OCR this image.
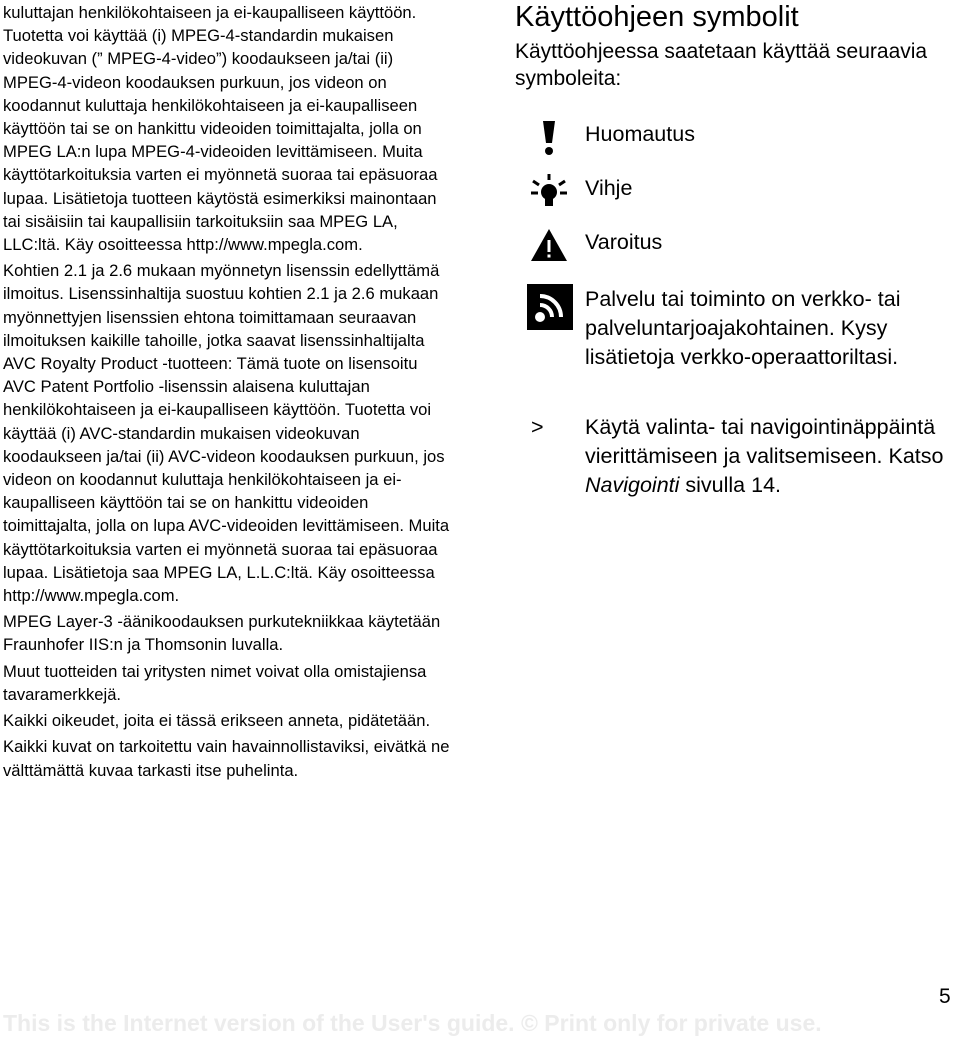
kuluttajan henkilökohtaiseen ja ei-kaupalliseen käyttöön. Tuotetta voi käyttää (i) MPEG-4-standardin mukaisen videokuvan (” MPEG-4-video”) koodaukseen ja/tai (ii) MPEG-4-videon koodauksen purkuun, jos videon on koodannut kuluttaja henkilökohtaiseen ja ei-kaupalliseen käyttöön tai se on hankittu videoiden toimittajalta, jolla on MPEG LA:n lupa MPEG-4-videoiden levittämiseen. Muita käyttötarkoituksia varten ei myönnetä suoraa tai epäsuoraa lupaa. Lisätietoja tuotteen käytöstä esimerkiksi mainontaan tai sisäisiin tai kaupallisiin tarkoituksiin saa MPEG LA, LLC:ltä. Käy osoitteessa http://www.mpegla.com.

Kohtien 2.1 ja 2.6 mukaan myönnetyn lisenssin edellyttämä ilmoitus. Lisenssinhaltija suostuu kohtien 2.1 ja 2.6 mukaan myönnettyjen lisenssien ehtona toimittamaan seuraavan ilmoituksen kaikille tahoille, jotka saavat lisenssinhaltijalta AVC Royalty Product -tuotteen: Tämä tuote on lisensoitu AVC Patent Portfolio -lisenssin alaisena kuluttajan henkilökohtaiseen ja ei-kaupalliseen käyttöön. Tuotetta voi käyttää (i) AVC-standardin mukaisen videokuvan koodaukseen ja/tai (ii) AVC-videon koodauksen purkuun, jos videon on koodannut kuluttaja henkilökohtaiseen ja ei-kaupalliseen käyttöön tai se on hankittu videoiden toimittajalta, jolla on lupa AVC-videoiden levittämiseen. Muita käyttötarkoituksia varten ei myönnetä suoraa tai epäsuoraa lupaa. Lisätietoja saa MPEG LA, L.L.C:ltä. Käy osoitteessa http://www.mpegla.com.

MPEG Layer-3 -äänikoodauksen purkutekniikkaa käytetään Fraunhofer IIS:n ja Thomsonin luvalla.

Muut tuotteiden tai yritysten nimet voivat olla omistajiensa tavaramerkkejä.

Kaikki oikeudet, joita ei tässä erikseen anneta, pidätetään.

Kaikki kuvat on tarkoitettu vain havainnollistaviksi, eivätkä ne välttämättä kuvaa tarkasti itse puhelinta.

Käyttöohjeen symbolit

Käyttöohjeessa saatetaan käyttää seuraavia symboleita:

Huomautus
Vihje
Varoitus
Palvelu tai toiminto on verkko- tai palveluntarjoajakohtainen. Kysy lisätietoja verkko-operaattoriltasi.
> Käytä valinta- tai navigointinäppäintä vierittämiseen ja valitsemiseen. Katso Navigointi sivulla 14.
5
This is the Internet version of the User's guide. © Print only for private use.
